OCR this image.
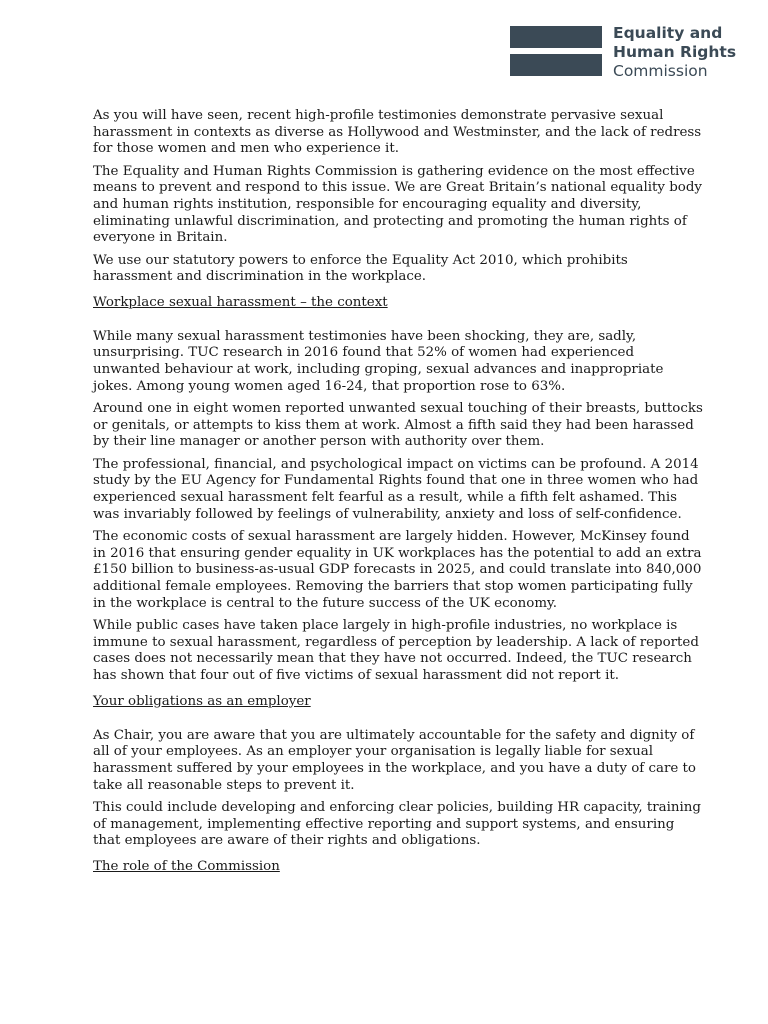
Equality and
Human Rights
Commission

As you will have seen, recent high-profile testimonies demonstrate pervasive sexual harassment in contexts as diverse as Hollywood and Westminster, and the lack of redress for those women and men who experience it.

The Equality and Human Rights Commission is gathering evidence on the most effective means to prevent and respond to this issue. We are Great Britain’s national equality body and human rights institution, responsible for encouraging equality and diversity, eliminating unlawful discrimination, and protecting and promoting the human rights of everyone in Britain.

We use our statutory powers to enforce the Equality Act 2010, which prohibits harassment and discrimination in the workplace.

Workplace sexual harassment – the context

While many sexual harassment testimonies have been shocking, they are, sadly, unsurprising. TUC research in 2016 found that 52% of women had experienced unwanted behaviour at work, including groping, sexual advances and inappropriate jokes. Among young women aged 16-24, that proportion rose to 63%.

Around one in eight women reported unwanted sexual touching of their breasts, buttocks or genitals, or attempts to kiss them at work. Almost a fifth said they had been harassed by their line manager or another person with authority over them.

The professional, financial, and psychological impact on victims can be profound. A 2014 study by the EU Agency for Fundamental Rights found that one in three women who had experienced sexual harassment felt fearful as a result, while a fifth felt ashamed. This was invariably followed by feelings of vulnerability, anxiety and loss of self-confidence.

The economic costs of sexual harassment are largely hidden. However, McKinsey found in 2016 that ensuring gender equality in UK workplaces has the potential to add an extra £150 billion to business-as-usual GDP forecasts in 2025, and could translate into 840,000 additional female employees. Removing the barriers that stop women participating fully in the workplace is central to the future success of the UK economy.

While public cases have taken place largely in high-profile industries, no workplace is immune to sexual harassment, regardless of perception by leadership. A lack of reported cases does not necessarily mean that they have not occurred. Indeed, the TUC research has shown that four out of five victims of sexual harassment did not report it.

Your obligations as an employer

As Chair, you are aware that you are ultimately accountable for the safety and dignity of all of your employees. As an employer your organisation is legally liable for sexual harassment suffered by your employees in the workplace, and you have a duty of care to take all reasonable steps to prevent it.

This could include developing and enforcing clear policies, building HR capacity, training of management, implementing effective reporting and support systems, and ensuring that employees are aware of their rights and obligations.

The role of the Commission
